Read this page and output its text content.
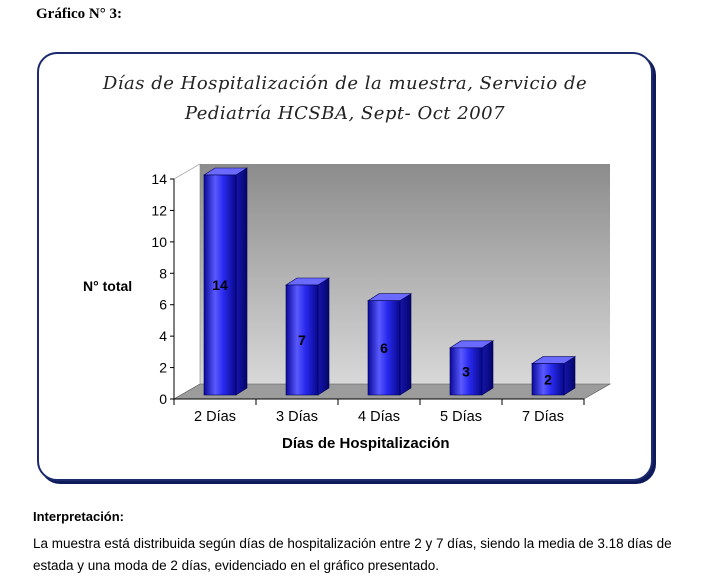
Gráfico N° 3:
Días de Hospitalización de la muestra, Servicio de
Pediatría HCSBA, Sept- Oct 2007
N° total
Días de Hospitalización
0
2
4
6
8
10
12
14
14
2 Días
7
3 Días
6
4 Días
3
5 Días
2
7 Días
Interpretación:
La muestra está distribuida según días de hospitalización entre 2 y 7 días, siendo la media de 3.18 días de estada y una moda de 2 días, evidenciado en el gráfico presentado.
